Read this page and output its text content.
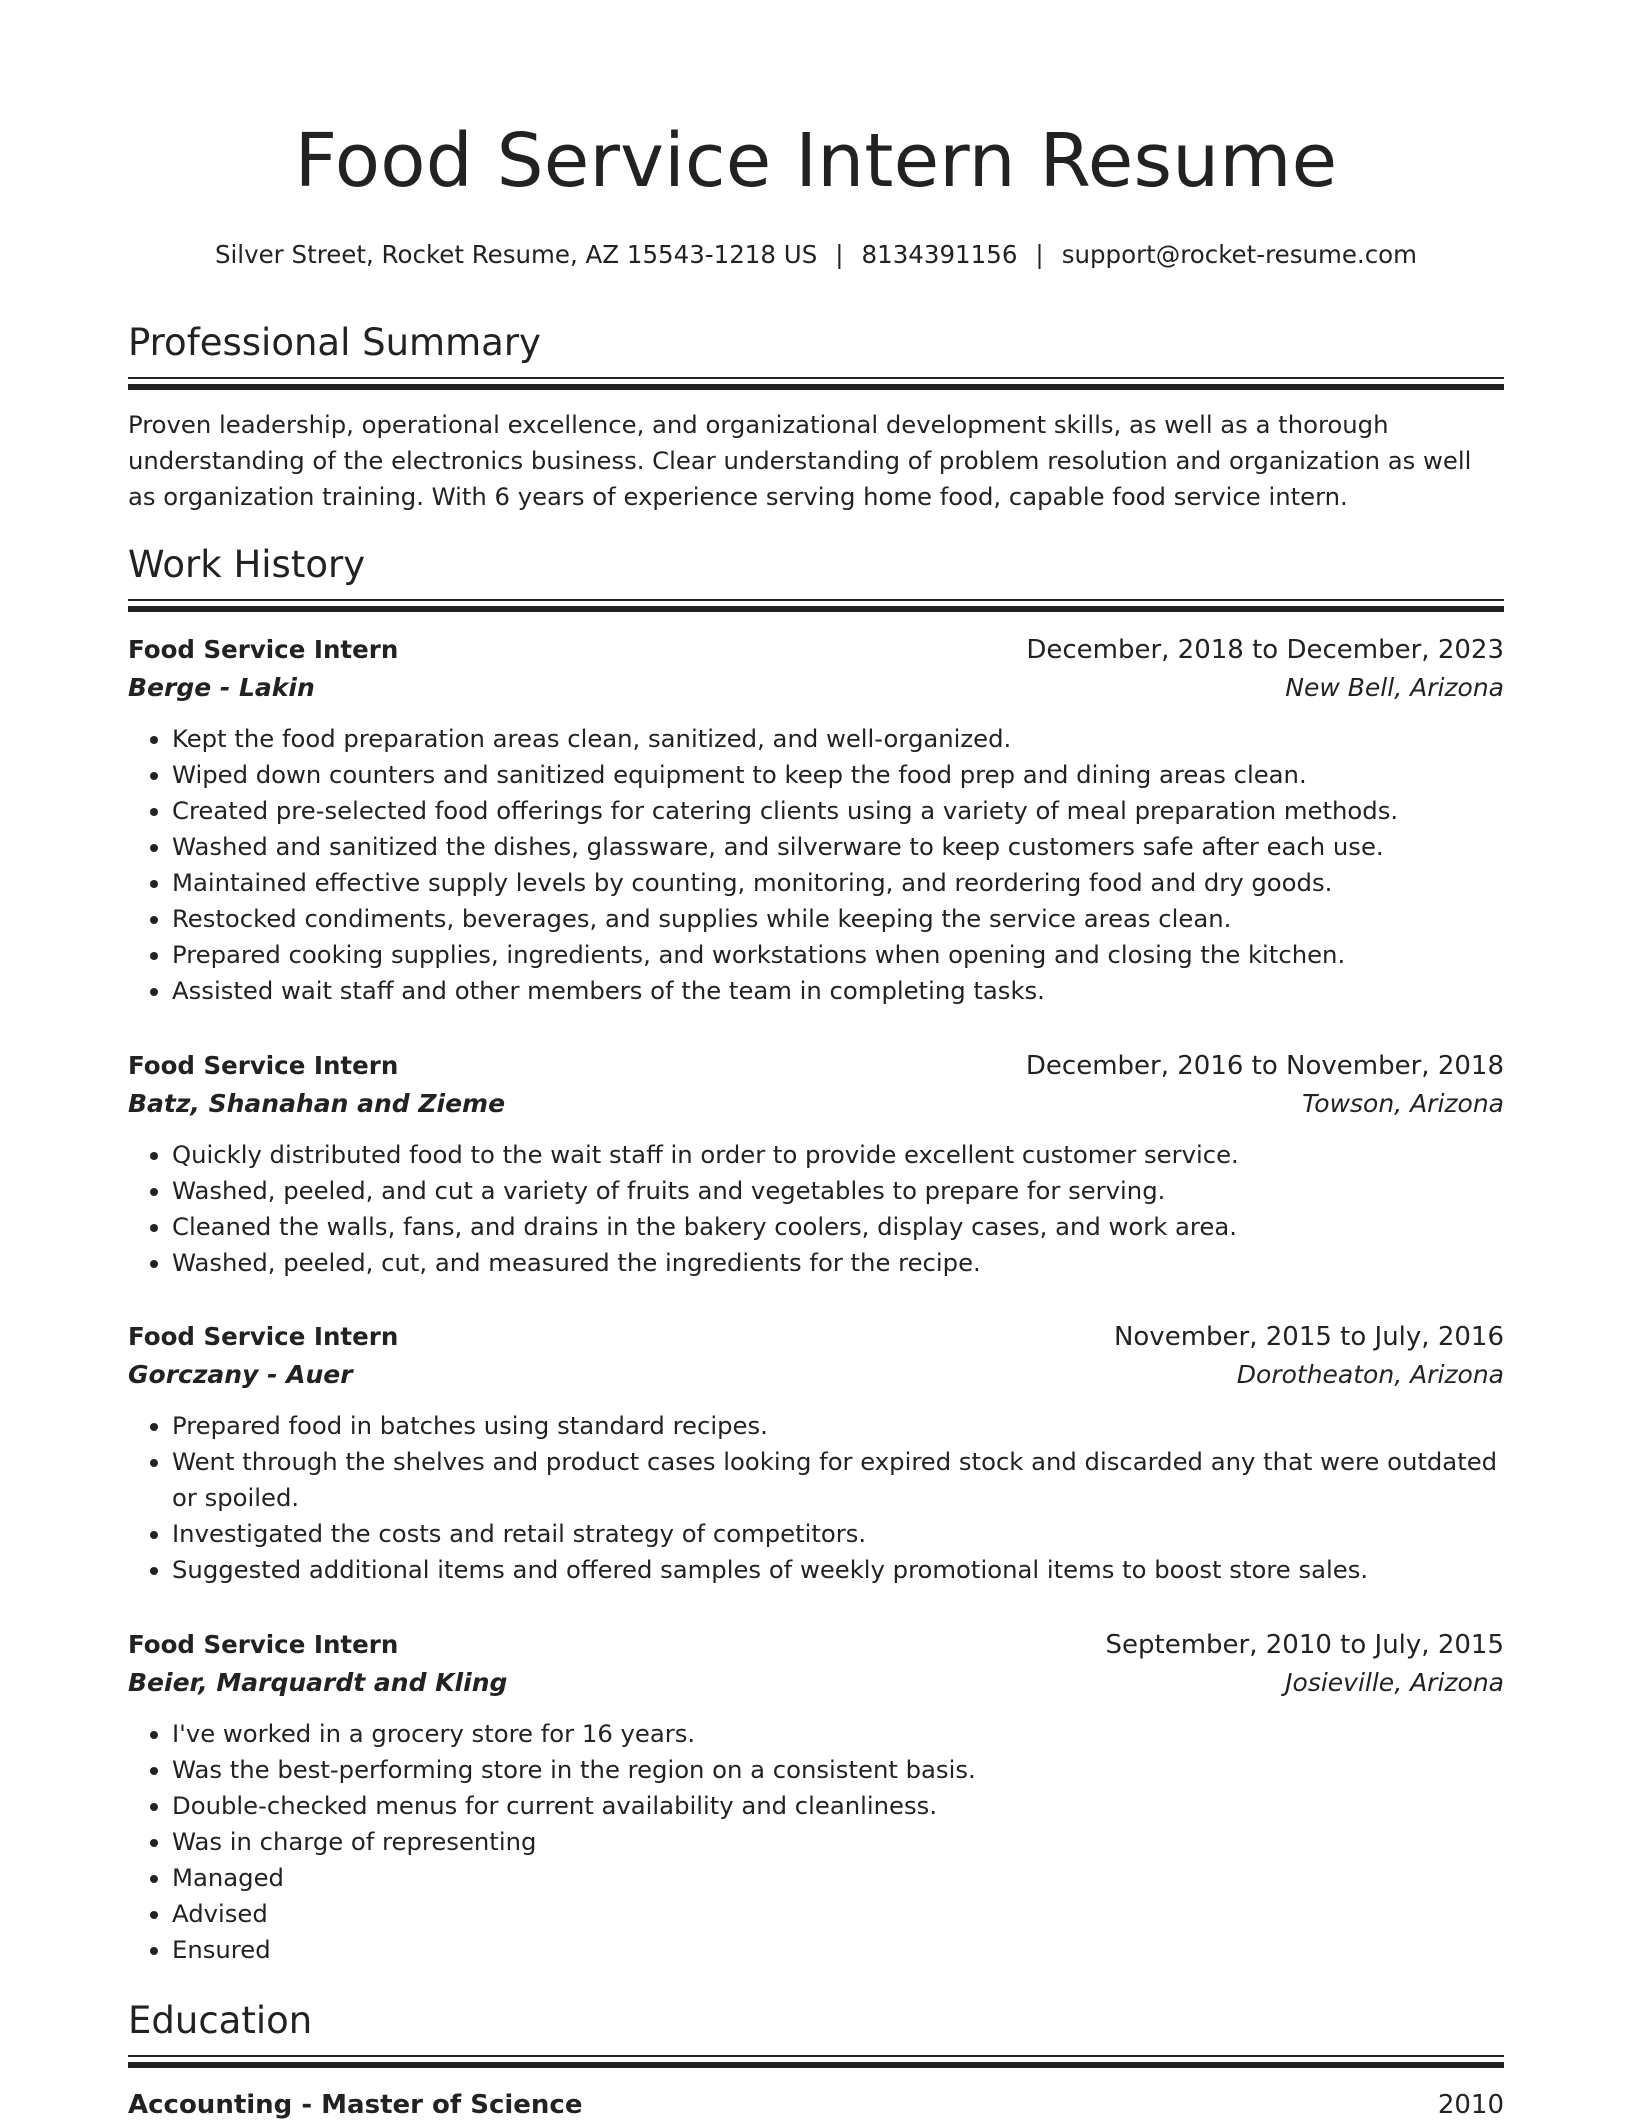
Food Service Intern Resume
Silver Street, Rocket Resume, AZ 15543-1218 US | 8134391156 | support@rocket-resume.com
Professional Summary
Proven leadership, operational excellence, and organizational development skills, as well as a thorough understanding of the electronics business. Clear understanding of problem resolution and organization as well as organization training. With 6 years of experience serving home food, capable food service intern.
Work History
Food Service Intern	December, 2018 to December, 2023
Berge - Lakin	New Bell, Arizona
• Kept the food preparation areas clean, sanitized, and well-organized.
• Wiped down counters and sanitized equipment to keep the food prep and dining areas clean.
• Created pre-selected food offerings for catering clients using a variety of meal preparation methods.
• Washed and sanitized the dishes, glassware, and silverware to keep customers safe after each use.
• Maintained effective supply levels by counting, monitoring, and reordering food and dry goods.
• Restocked condiments, beverages, and supplies while keeping the service areas clean.
• Prepared cooking supplies, ingredients, and workstations when opening and closing the kitchen.
• Assisted wait staff and other members of the team in completing tasks.
Food Service Intern	December, 2016 to November, 2018
Batz, Shanahan and Zieme	Towson, Arizona
• Quickly distributed food to the wait staff in order to provide excellent customer service.
• Washed, peeled, and cut a variety of fruits and vegetables to prepare for serving.
• Cleaned the walls, fans, and drains in the bakery coolers, display cases, and work area.
• Washed, peeled, cut, and measured the ingredients for the recipe.
Food Service Intern	November, 2015 to July, 2016
Gorczany - Auer	Dorotheaton, Arizona
• Prepared food in batches using standard recipes.
• Went through the shelves and product cases looking for expired stock and discarded any that were outdated or spoiled.
• Investigated the costs and retail strategy of competitors.
• Suggested additional items and offered samples of weekly promotional items to boost store sales.
Food Service Intern	September, 2010 to July, 2015
Beier, Marquardt and Kling	Josieville, Arizona
• I've worked in a grocery store for 16 years.
• Was the best-performing store in the region on a consistent basis.
• Double-checked menus for current availability and cleanliness.
• Was in charge of representing
• Managed
• Advised
• Ensured
Education
Accounting - Master of Science	2010
